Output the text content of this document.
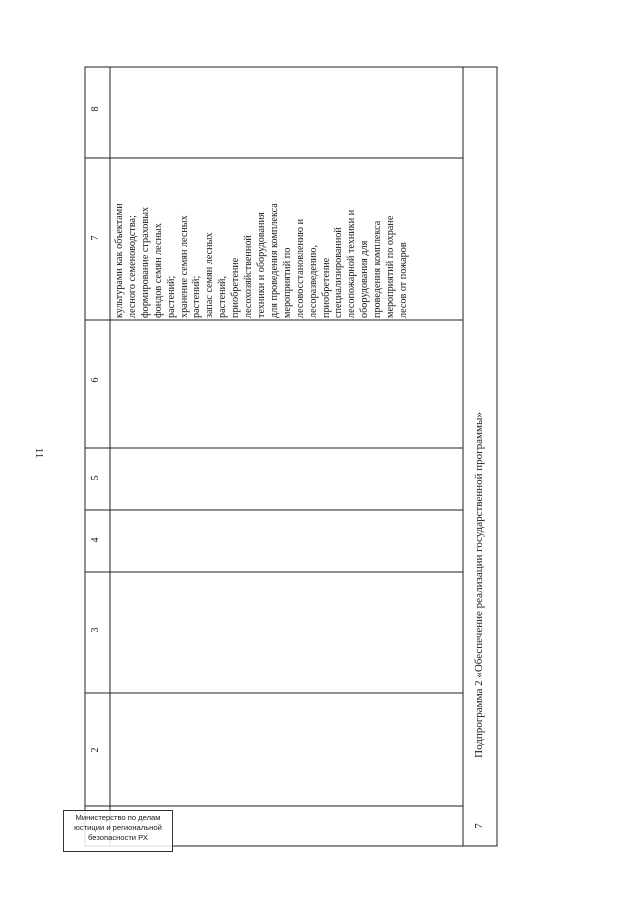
11
8
7
6
5
4
3
2
культурами как объектами лесного семеноводства; формирование страховых фондов семян лесных растений; хранение семян лесных растений; запас семян лесных растений, приобретение лесохозяйственной техники и оборудования для проведения комплекса мероприятий по лесовосстановлению и лесоразведению, приобретение специализированной лесопожарной техники и оборудования для проведения комплекса мероприятий по охране лесов от пожаров
Подпрограмма 2 «Обеспечение реализации государственной программы»
7
Министерство по делам
юстиции и региональной
безопасности РХ
